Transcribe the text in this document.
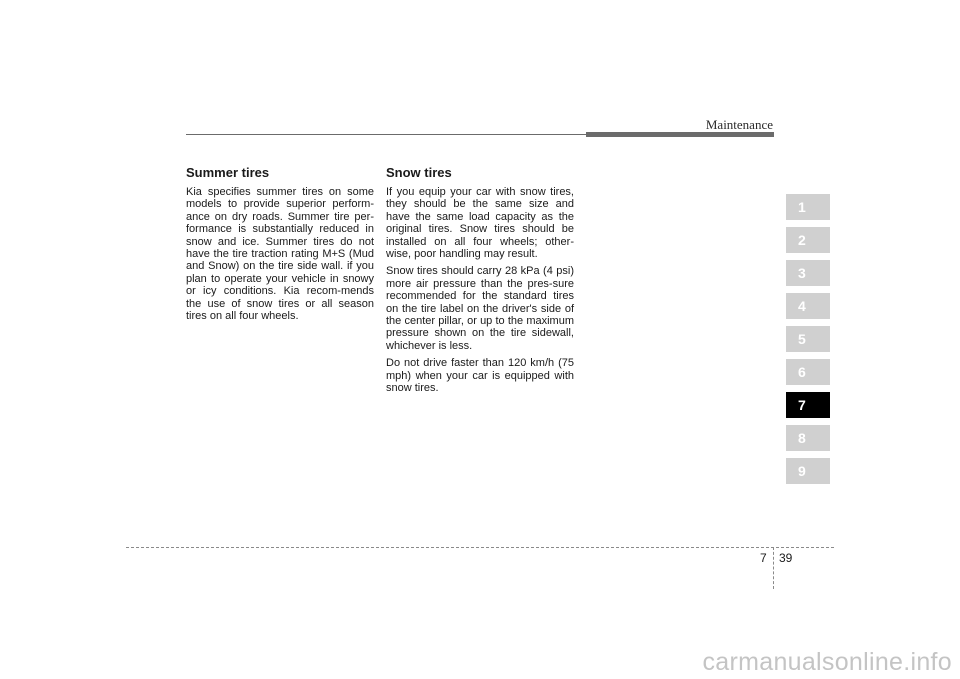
Maintenance
Summer tires

Kia specifies summer tires on some models to provide superior perform-ance on dry roads. Summer tire per-formance is substantially reduced in snow and ice. Summer tires do not have the tire traction rating M+S (Mud and Snow) on the tire side wall. if you plan to operate your vehicle in snowy or icy conditions. Kia recom-mends the use of snow tires or all season tires on all four wheels.

Snow tires

If you equip your car with snow tires, they should be the same size and have the same load capacity as the original tires. Snow tires should be installed on all four wheels; other-wise, poor handling may result.

Snow tires should carry 28 kPa (4 psi) more air pressure than the pres-sure recommended for the standard tires on the tire label on the driver's side of the center pillar, or up to the maximum pressure shown on the tire sidewall, whichever is less.

Do not drive faster than 120 km/h (75 mph) when your car is equipped with snow tires.

1
2
3
4
5
6
7
8
9
7 39
carmanualsonline.info
